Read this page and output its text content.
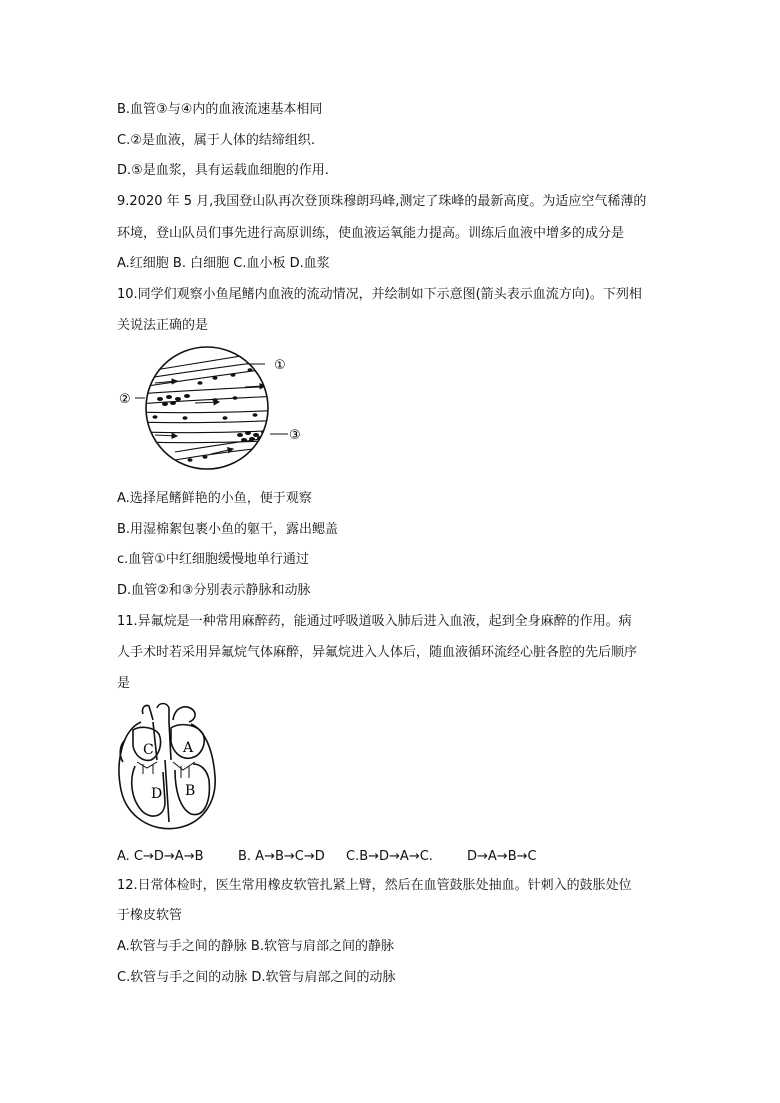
B.血管③与④内的血液流速基本相同
C.②是血液，属于人体的结缔组织.
D.⑤是血浆，具有运载血细胞的作用.
9.2020 年 5 月,我国登山队再次登顶珠穆朗玛峰,测定了珠峰的最新高度。为适应空气稀薄的
环境，登山队员们事先进行高原训练，使血液运氧能力提高。训练后血液中增多的成分是
A.红细胞 B. 白细胞 C.血小板 D.血浆
10.同学们观察小鱼尾鳍内血液的流动情况，并绘制如下示意图(箭头表示血流方向)。下列相
关说法正确的是
①
②
③
A.选择尾鳍鲜艳的小鱼，便于观察
B.用湿棉絮包裹小鱼的躯干，露出鳃盖
c.血管①中红细胞缓慢地单行通过
D.血管②和③分别表示静脉和动脉
11.异氟烷是一种常用麻醉药，能通过呼吸道吸入肺后进入血液，起到全身麻醉的作用。病
人手术时若采用异氟烷气体麻醉，异氟烷进入人体后，随血液循环流经心脏各腔的先后顺序
是
C A
D B
A. C→D→A→B	B. A→B→C→D C.B→D→A→C.	D→A→B→C
12.日常体检时，医生常用橡皮软管扎紧上臂，然后在血管鼓胀处抽血。针刺入的鼓胀处位
于橡皮软管
A.软管与手之间的静脉 B.软管与肩部之间的静脉
C.软管与手之间的动脉 D.软管与肩部之间的动脉
